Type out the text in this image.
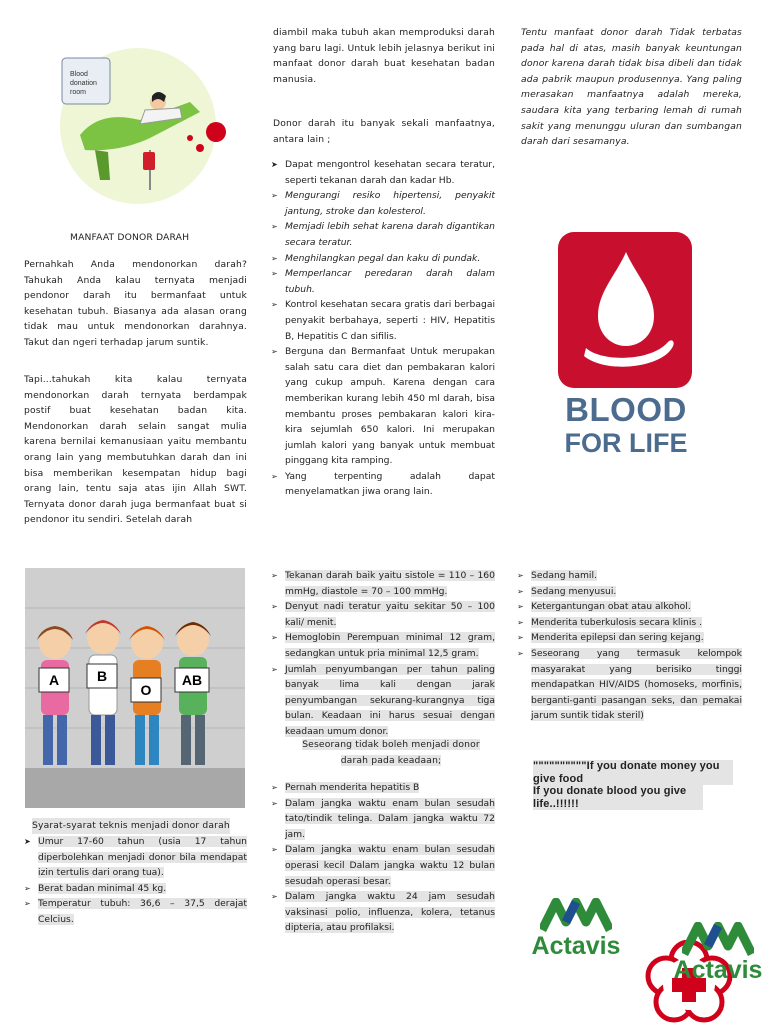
Blood
donation
room
MANFAAT DONOR DARAH
Pernahkah Anda mendonorkan darah? Tahukah Anda kalau ternyata menjadi pendonor darah itu bermanfaat untuk kesehatan tubuh. Biasanya ada alasan orang tidak mau untuk mendonorkan darahnya. Takut dan ngeri terhadap jarum suntik.
Tapi...tahukah kita kalau ternyata mendonorkan darah ternyata berdampak postif buat kesehatan badan kita. Mendonorkan darah selain sangat mulia karena bernilai kemanusiaan yaitu membantu orang lain yang membutuhkan darah dan ini bisa memberikan kesempatan hidup bagi orang lain, tentu saja atas ijin Allah SWT. Ternyata donor darah juga bermanfaat buat si pendonor itu sendiri. Setelah darah
A	B
O
AB
Syarat-syarat teknis menjadi donor darah
➤ Umur 17-60 tahun (usia 17 tahun diperbolehkan menjadi donor bila mendapat izin tertulis dari orang tua).
➢ Berat badan minimal 45 kg.
➢ Temperatur tubuh: 36,6 – 37,5 derajat Celcius.
diambil maka tubuh akan memproduksi darah yang baru lagi. Untuk lebih jelasnya berikut ini manfaat donor darah buat kesehatan badan manusia.
Donor darah itu banyak sekali manfaatnya, antara lain ;
➤ Dapat mengontrol kesehatan secara teratur, seperti tekanan darah dan kadar Hb.
➢ Mengurangi resiko hipertensi, penyakit jantung, stroke dan kolesterol.
➢ Memjadi lebih sehat karena darah digantikan secara teratur.
➢ Menghilangkan pegal dan kaku di pundak.
➢ Memperlancar peredaran darah dalam tubuh.
➢ Kontrol kesehatan secara gratis dari berbagai penyakit berbahaya, seperti : HIV, Hepatitis B, Hepatitis C dan sifilis.
➢ Berguna dan Bermanfaat Untuk merupakan salah satu cara diet dan pembakaran kalori yang cukup ampuh. Karena dengan cara memberikan kurang lebih 450 ml darah, bisa membantu proses pembakaran kalori kira-kira sejumlah 650 kalori. Ini merupakan jumlah kalori yang banyak untuk membuat pinggang kita ramping.
➢ Yang terpenting adalah dapat menyelamatkan jiwa orang lain.
➢ Tekanan darah baik yaitu sistole = 110 – 160 mmHg, diastole = 70 – 100 mmHg.
➢ Denyut nadi teratur yaitu sekitar 50 – 100 kali/ menit.
➢ Hemoglobin Perempuan minimal 12 gram, sedangkan untuk pria minimal 12,5 gram.
➢ Jumlah penyumbangan per tahun paling banyak lima kali dengan jarak penyumbangan sekurang-kurangnya tiga bulan. Keadaan ini harus sesuai dengan keadaan umum donor.
Seseorang tidak boleh menjadi donor darah pada keadaan;
➢ Pernah menderita hepatitis B
➢ Dalam jangka waktu enam bulan sesudah tato/tindik telinga. Dalam jangka waktu 72 jam.
➢ Dalam jangka waktu enam bulan sesudah operasi kecil Dalam jangka waktu 12 bulan sesudah operasi besar.
➢ Dalam jangka waktu 24 jam sesudah vaksinasi polio, influenza, kolera, tetanus dipteria, atau profilaksi.
Tentu manfaat donor darah Tidak terbatas pada hal di atas, masih banyak keuntungan donor karena darah tidak bisa dibeli dan tidak ada pabrik maupun produsennya. Yang paling merasakan manfaatnya adalah mereka, saudara kita yang terbaring lemah di rumah sakit yang menunggu uluran dan sumbangan darah dari sesamanya.
BLOOD
FOR LIFE
➢ Sedang hamil.
➢ Sedang menyusui.
➢ Ketergantungan obat atau alkohol.
➢ Menderita tuberkulosis secara klinis .
➢ Menderita epilepsi dan sering kejang.
➢ Seseorang yang termasuk kelompok masyarakat yang berisiko tinggi mendapatkan HIV/AIDS (homoseks, morfinis, berganti-ganti pasangan seks, dan pemakai jarum suntik tidak steril)
""""""""""If you donate money you give food
If you donate blood you give life..!!!!!!
Actavis
Actavis
